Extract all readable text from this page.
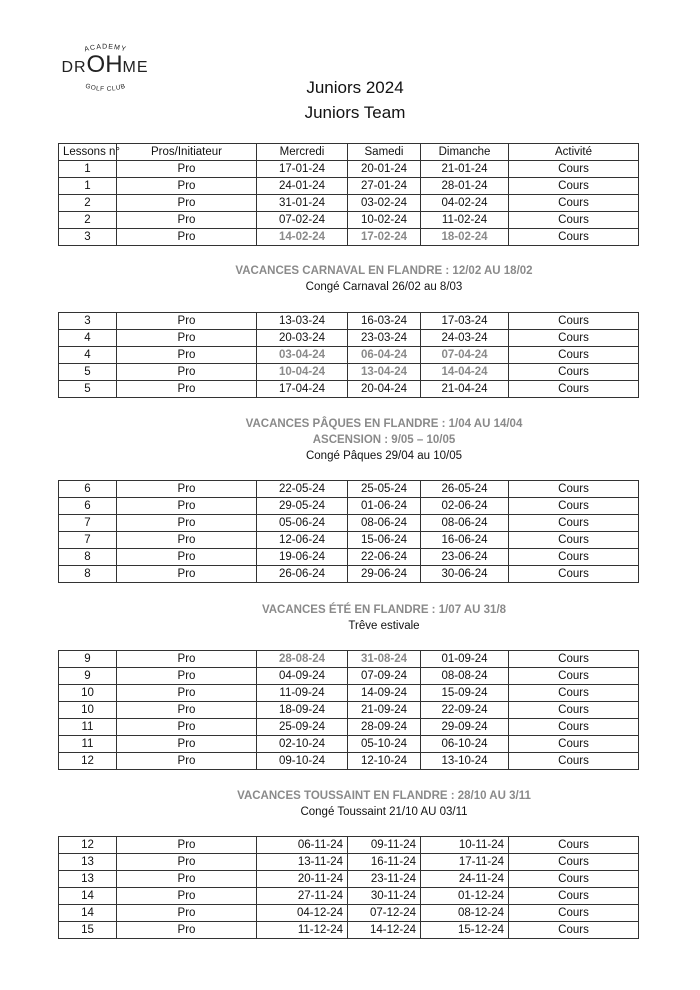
ACADEMY
DROHME
GOLF CLUB	Juniors 2024
Juniors Team
Lessons n°	Pros/Initiateur	Mercredi	Samedi	Dimanche	Activité
1	Pro	17-01-24	20-01-24	21-01-24	Cours
1	Pro	24-01-24	27-01-24	28-01-24	Cours
2	Pro	31-01-24	03-02-24	04-02-24	Cours
2	Pro	07-02-24	10-02-24	11-02-24	Cours
3	Pro	14-02-24	17-02-24	18-02-24	Cours
3	Pro	13-03-24	16-03-24	17-03-24	Cours
4	Pro	20-03-24	23-03-24	24-03-24	Cours
4	Pro	03-04-24	06-04-24	07-04-24	Cours
5	Pro	10-04-24	13-04-24	14-04-24	Cours
5	Pro	17-04-24	20-04-24	21-04-24	Cours
6	Pro	22-05-24	25-05-24	26-05-24	Cours
6	Pro	29-05-24	01-06-24	02-06-24	Cours
7	Pro	05-06-24	08-06-24	08-06-24	Cours
7	Pro	12-06-24	15-06-24	16-06-24	Cours
8	Pro	19-06-24	22-06-24	23-06-24	Cours
8	Pro	26-06-24	29-06-24	30-06-24	Cours
9	Pro	28-08-24	31-08-24	01-09-24	Cours
9	Pro	04-09-24	07-09-24	08-08-24	Cours
10	Pro	11-09-24	14-09-24	15-09-24	Cours
10	Pro	18-09-24	21-09-24	22-09-24	Cours
11	Pro	25-09-24	28-09-24	29-09-24	Cours
11	Pro	02-10-24	05-10-24	06-10-24	Cours
12	Pro	09-10-24	12-10-24	13-10-24	Cours
12	Pro	06-11-24	09-11-24	10-11-24	Cours
13	Pro	13-11-24	16-11-24	17-11-24	Cours
13	Pro	20-11-24	23-11-24	24-11-24	Cours
14	Pro	27-11-24	30-11-24	01-12-24	Cours
14	Pro	04-12-24	07-12-24	08-12-24	Cours
15	Pro	11-12-24	14-12-24	15-12-24	Cours
VACANCES CARNAVAL EN FLANDRE : 12/02 AU 18/02
Congé Carnaval 26/02 au 8/03
VACANCES PÂQUES EN FLANDRE : 1/04 AU 14/04
ASCENSION : 9/05 – 10/05
Congé Pâques 29/04 au 10/05
VACANCES ÉTÉ EN FLANDRE : 1/07 AU 31/8
Trêve estivale
VACANCES TOUSSAINT EN FLANDRE : 28/10 AU 3/11
Congé Toussaint 21/10 AU 03/11
